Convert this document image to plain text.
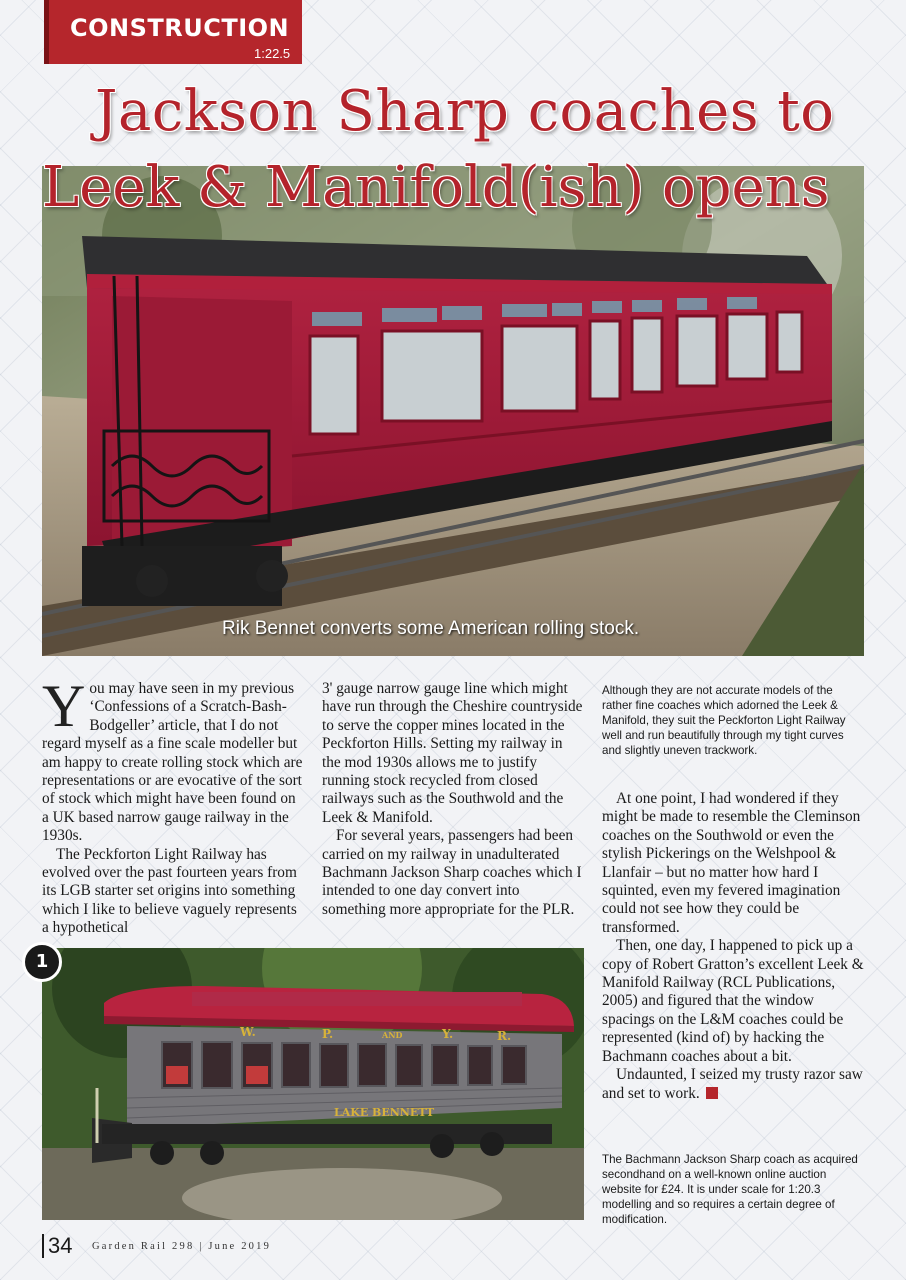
CONSTRUCTION
1:22.5
Jackson Sharp coaches to
Leek & Manifold(ish) opens
Rik Bennet converts some American rolling stock.

You may have seen in my previous ‘Confessions of a Scratch-Bash-Bodgeller’ article, that I do not regard myself as a fine scale modeller but am happy to create rolling stock which are representations or are evocative of the sort of stock which might have been found on a UK based narrow gauge railway in the 1930s.

The Peckforton Light Railway has evolved over the past fourteen years from its LGB starter set origins into something which I like to believe vaguely represents a hypothetical

3' gauge narrow gauge line which might have run through the Cheshire countryside to serve the copper mines located in the Peckforton Hills. Setting my railway in the mod 1930s allows me to justify running stock recycled from closed railways such as the Southwold and the Leek & Manifold.

For several years, passengers had been carried on my railway in unadulterated Bachmann Jackson Sharp coaches which I intended to one day convert into something more appropriate for the PLR.

Although they are not accurate models of the rather fine coaches which adorned the Leek & Manifold, they suit the Peckforton Light Railway well and run beautifully through my tight curves and slightly uneven trackwork.

At one point, I had wondered if they might be made to resemble the Cleminson coaches on the Southwold or even the stylish Pickerings on the Welshpool & Llanfair – but no matter how hard I squinted, even my fevered imagination could not see how they could be transformed.

Then, one day, I happened to pick up a copy of Robert Gratton’s excellent Leek & Manifold Railway (RCL Publications, 2005) and figured that the window spacings on the L&M coaches could be represented (kind of) by hacking the Bachmann coaches about a bit.

Undaunted, I seized my trusty razor saw and set to work.

The Bachmann Jackson Sharp coach as acquired secondhand on a well-known online auction website for £24. It is under scale for 1:20.3 modelling and so requires a certain degree of modification.
1
W.	P.	AND	Y.	R.
LAKE BENNETT
34 Garden Rail 298 | June 2019
